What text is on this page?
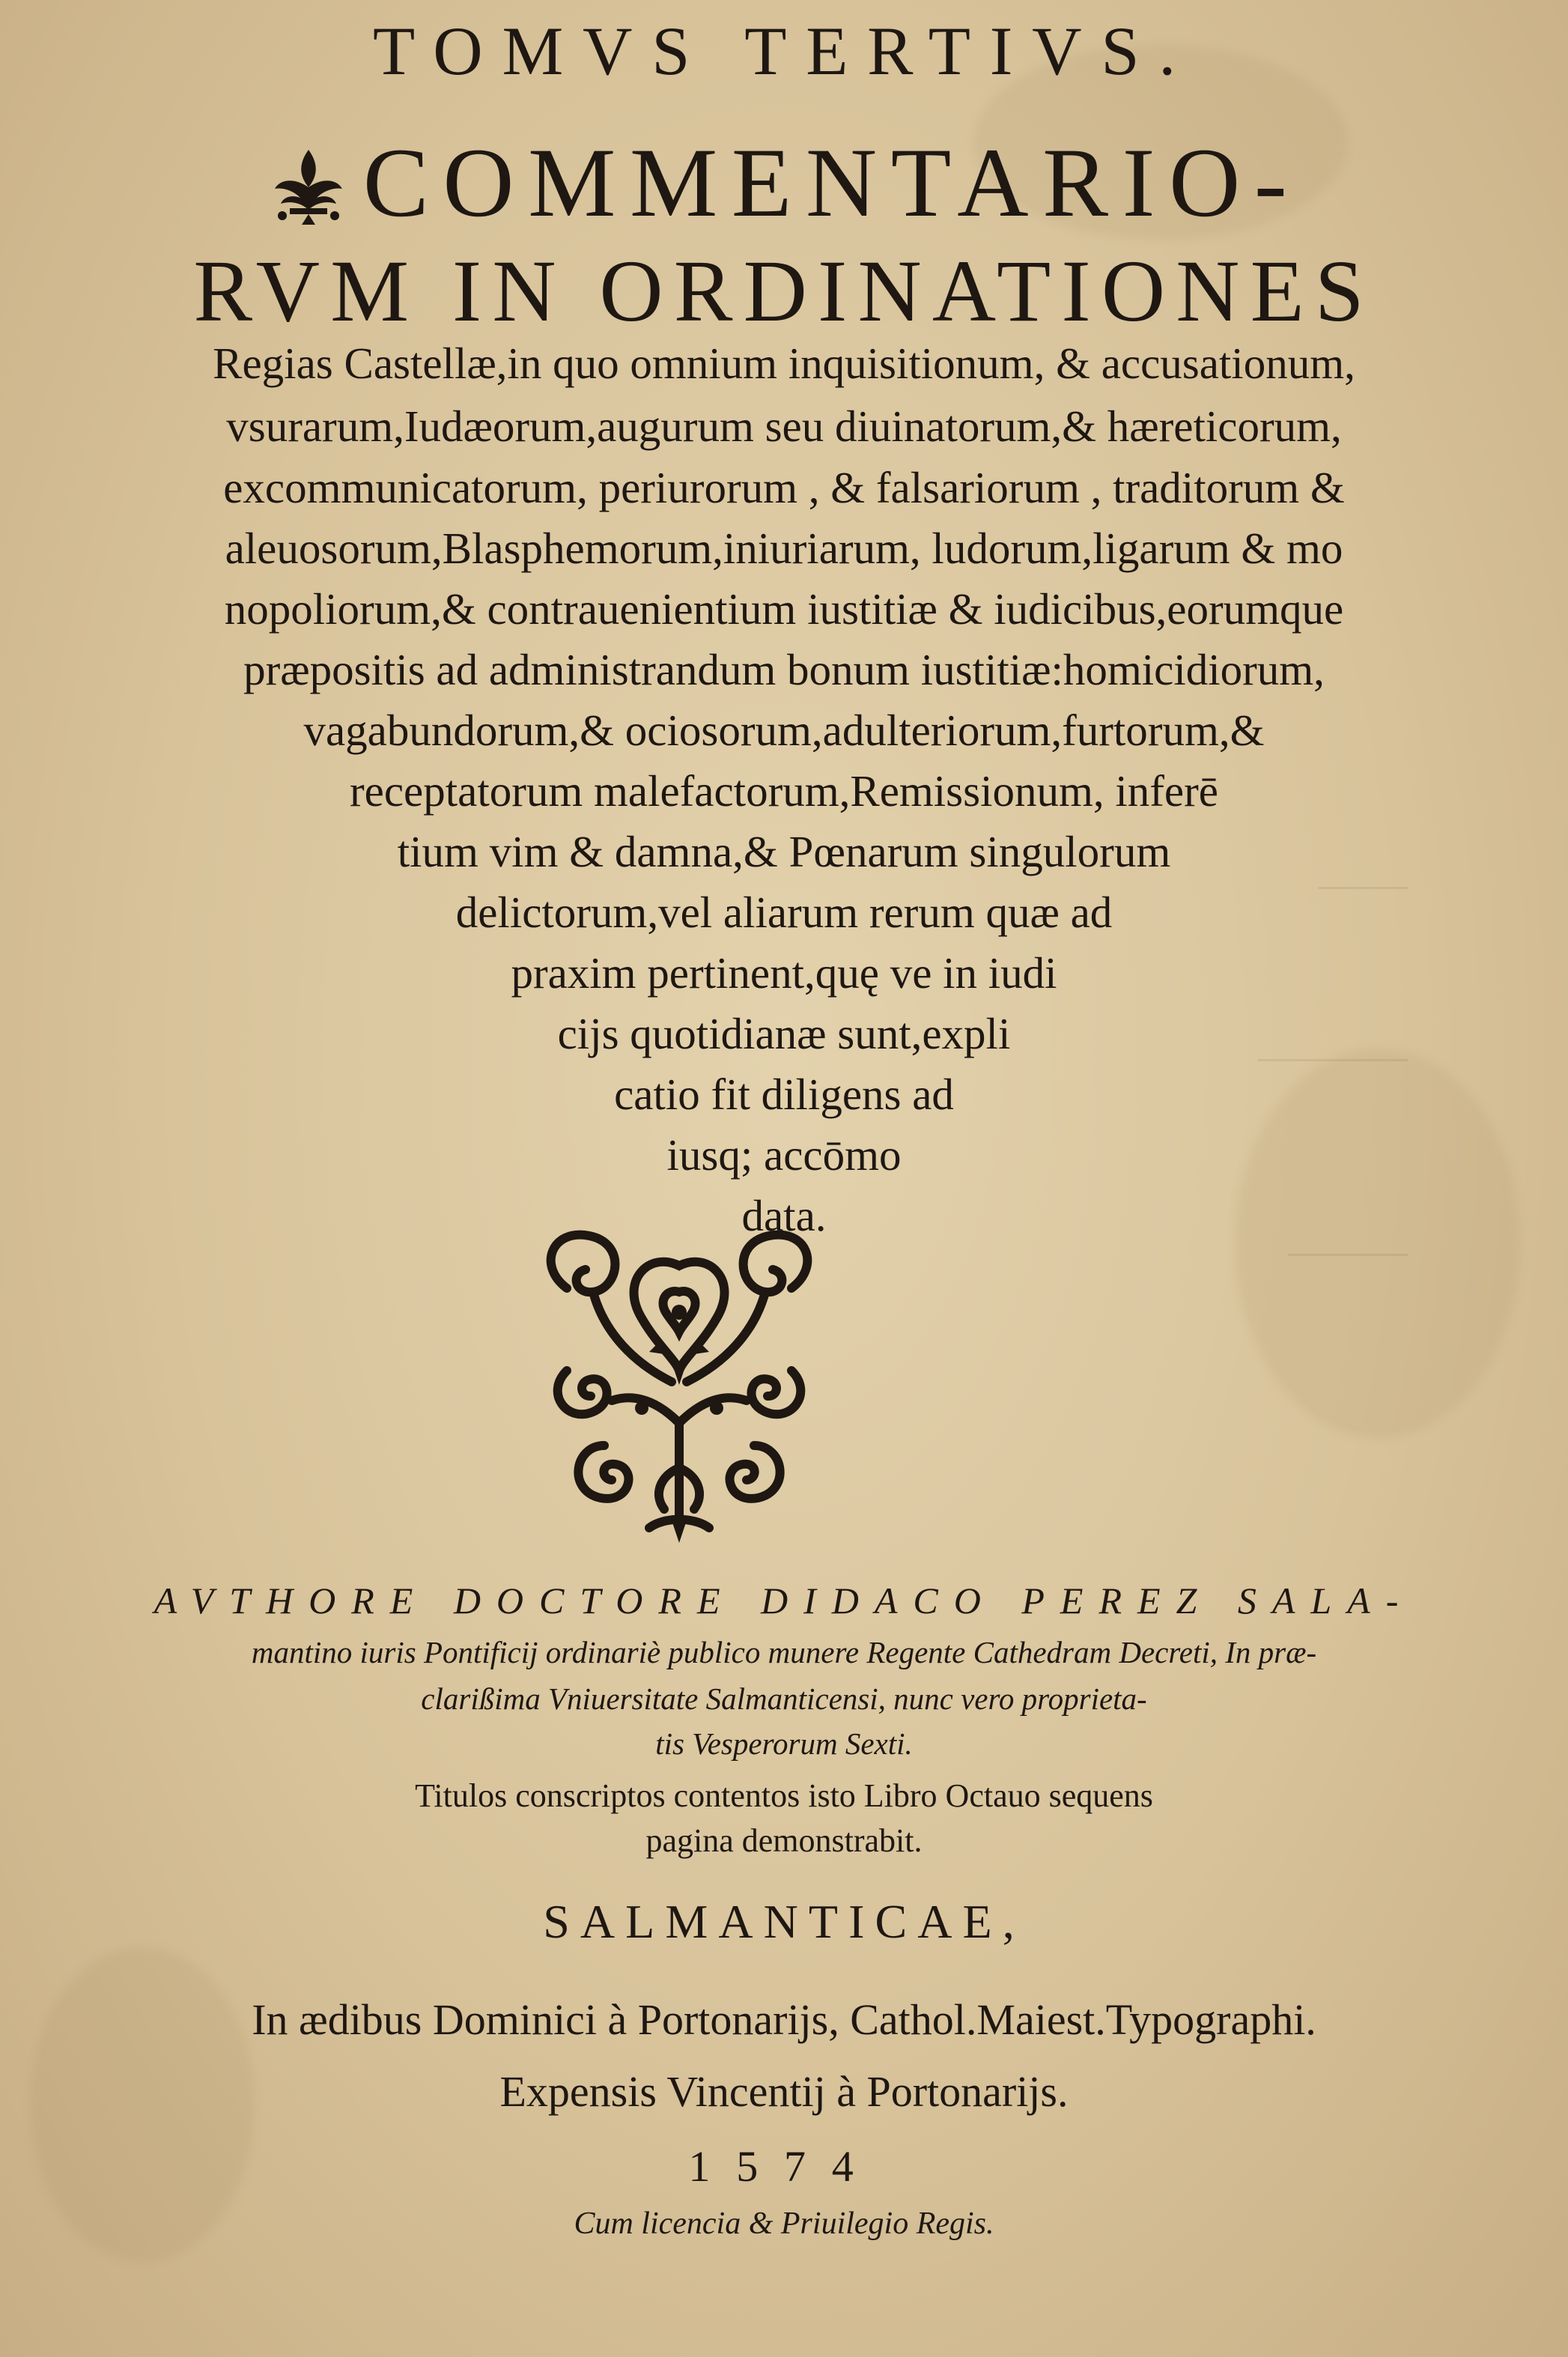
TOMVS TERTIVS.
COMMENTARIO-
RVM IN ORDINATIONES
Regias Castellæ,in quo omnium inquisitionum, & accusationum,
vsurarum,Iudæorum,augurum seu diuinatorum,& hæreticorum,
excommunicatorum, periurorum , & falsariorum , traditorum &
aleuosorum,Blasphemorum,iniuriarum, ludorum,ligarum & mo
nopoliorum,& contrauenientium iustitiæ & iudicibus,eorumque
præpositis ad administrandum bonum iustitiæ:homicidiorum,
vagabundorum,& ociosorum,adulteriorum,furtorum,&
receptatorum malefactorum,Remissionum, inferē
tium vim & damna,& Pœnarum singulorum
delictorum,vel aliarum rerum quæ ad
praxim pertinent,quę ve in iudi
cijs quotidianæ sunt,expli
catio fit diligens ad
iusq; accōmo
data.
AVTHORE DOCTORE DIDACO PEREZ SALA-
mantino iuris Pontificij ordinariè publico munere Regente Cathedram Decreti, In præ-
clarißima Vniuersitate Salmanticensi, nunc vero proprieta-
tis Vesperorum Sexti.
Titulos conscriptos contentos isto Libro Octauo sequens
pagina demonstrabit.
SALMANTICAE,
In ædibus Dominici à Portonarijs, Cathol.Maiest.Typographi.
Expensis Vincentij à Portonarijs.
1574
Cum licencia & Priuilegio Regis.
